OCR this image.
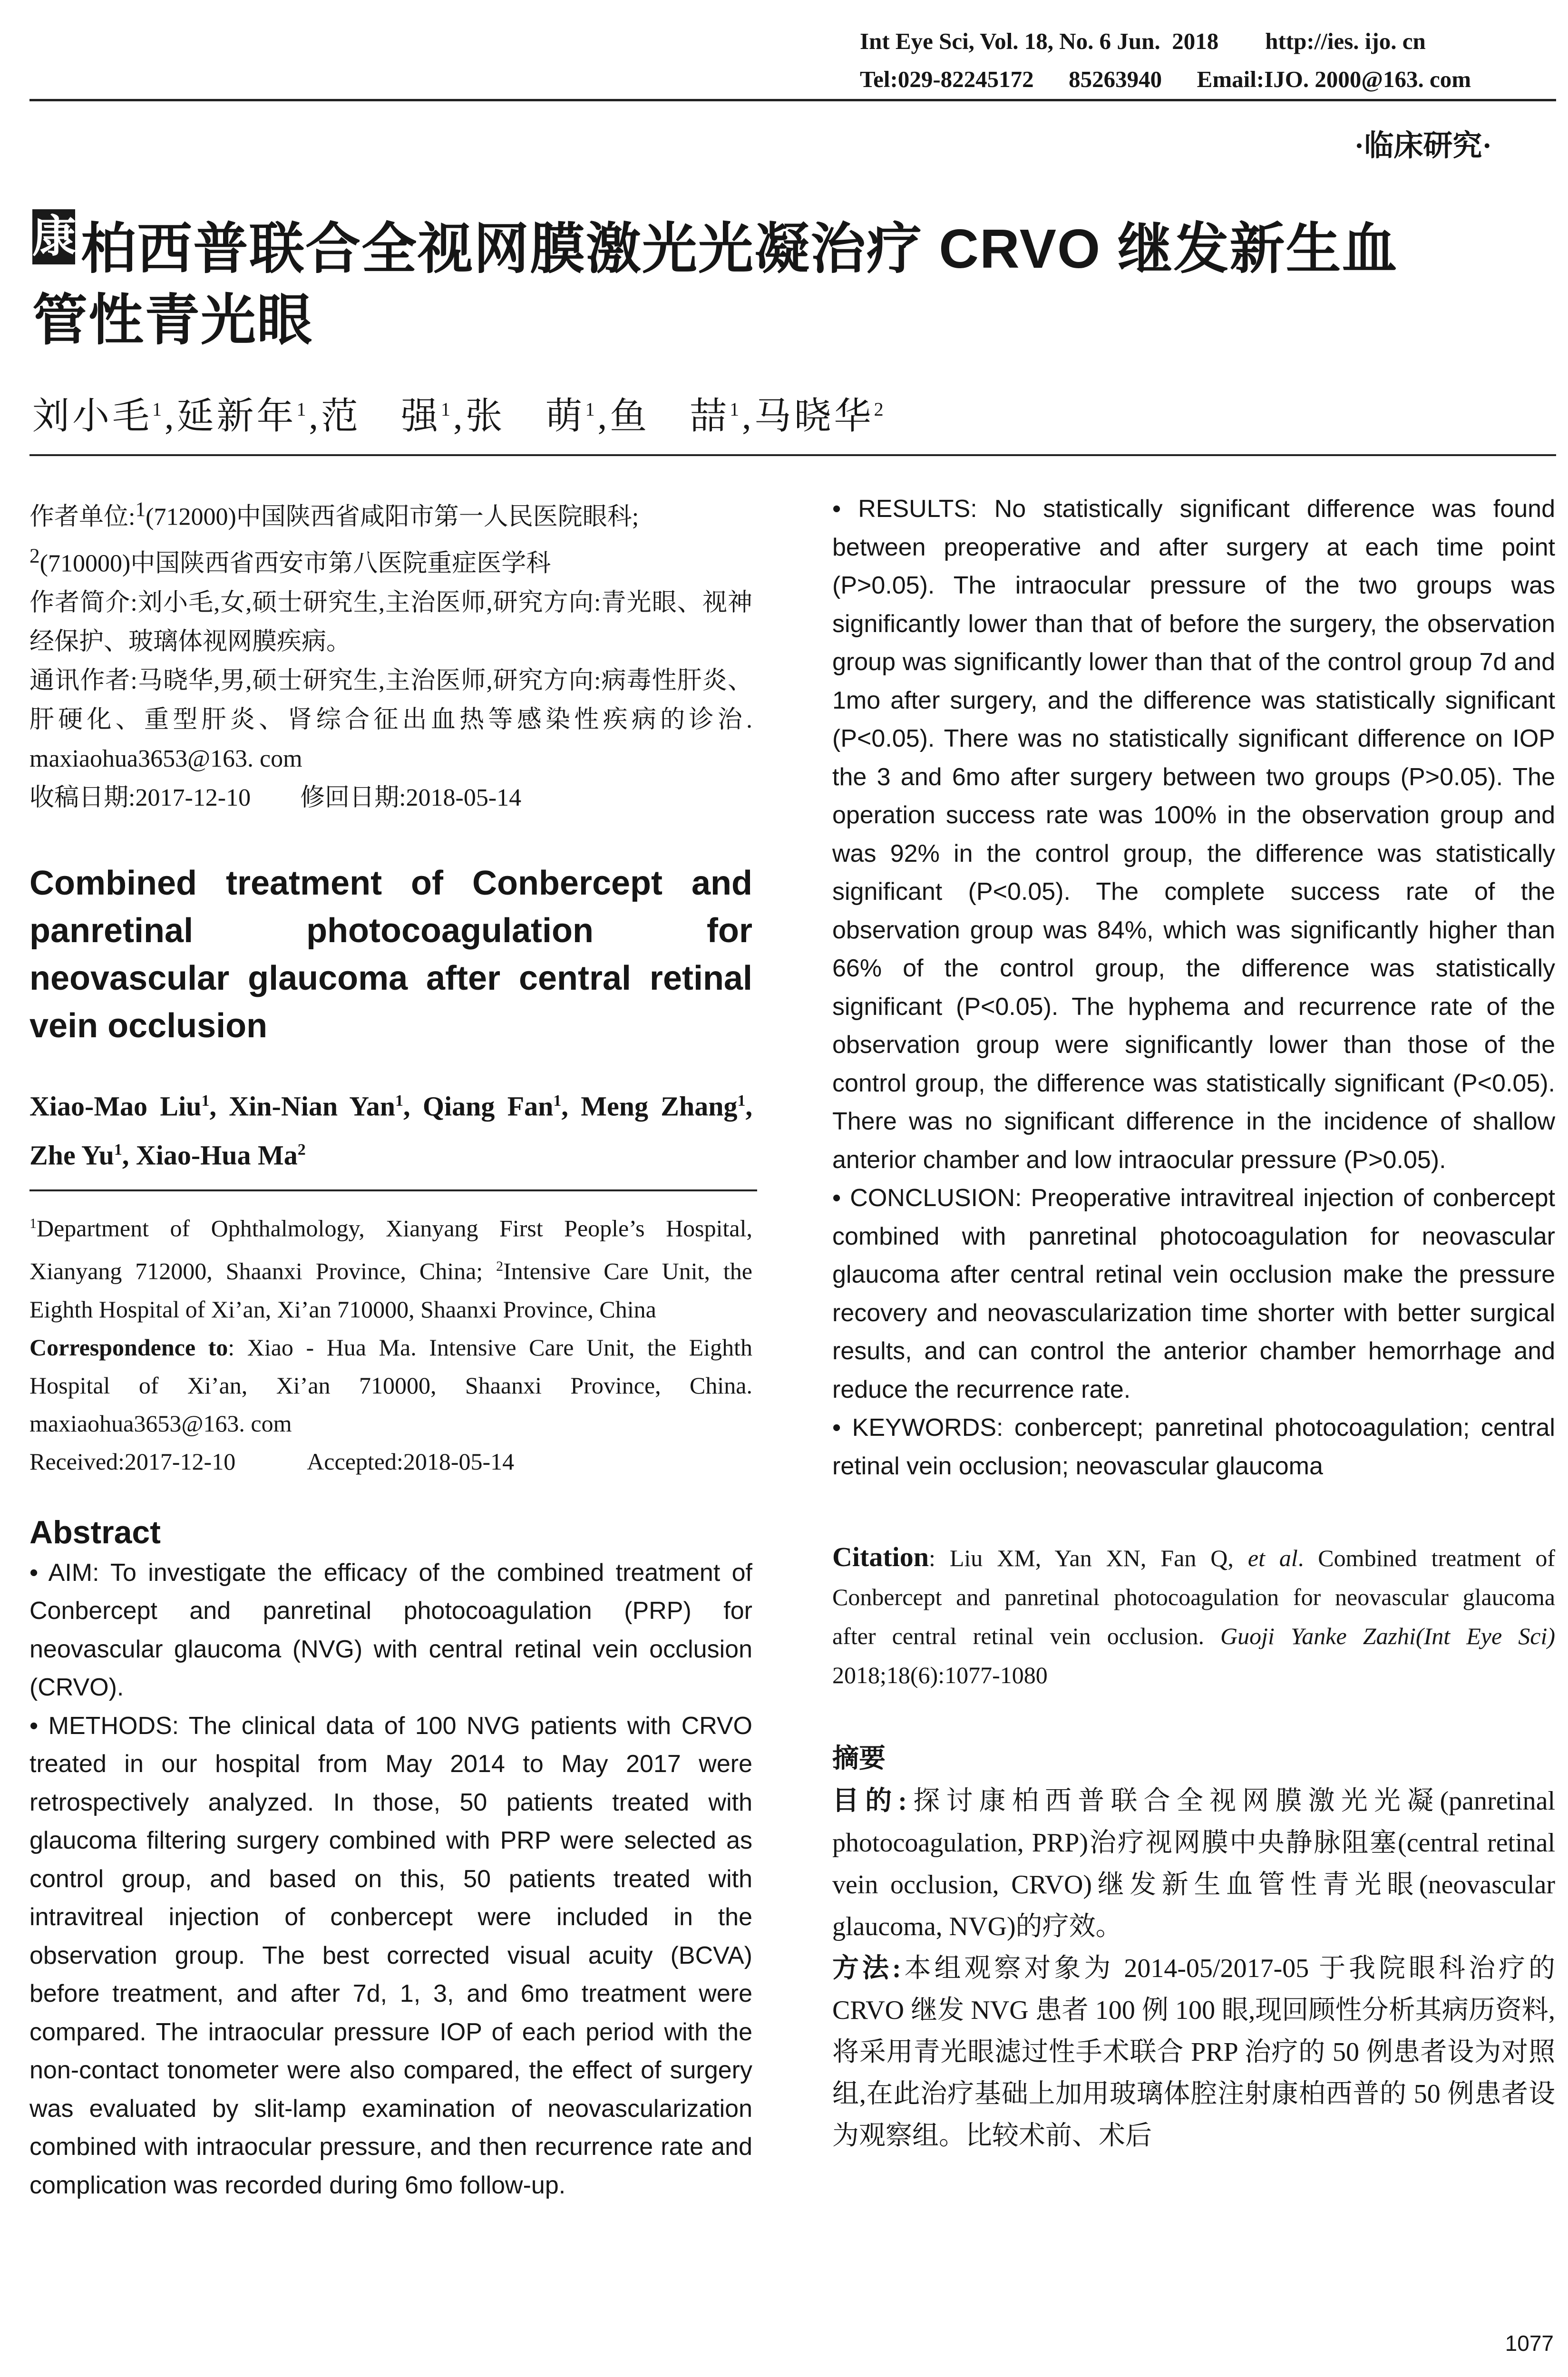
Int Eye Sci, Vol. 18, No. 6 Jun.  2018        http://ies. ijo. cn
Tel:029-82245172      85263940      Email:IJO. 2000@163. com
·临床研究·
康 柏西普联合全视网膜激光光凝治疗 CRVO 继发新生血
管性青光眼
刘小毛$^1$,延新年$^1$,范　强$^1$,张　萌$^1$,鱼　喆$^1$,马晓华$^2$

作者单位:$^1$(712000)中国陕西省咸阳市第一人民医院眼科;
$^2$(710000)中国陕西省西安市第八医院重症医学科

作者简介:刘小毛,女,硕士研究生,主治医师,研究方向:青光眼、视神经保护、玻璃体视网膜疾病。

通讯作者:马晓华,男,硕士研究生,主治医师,研究方向:病毒性肝炎、肝硬化、重型肝炎、肾综合征出血热等感染性疾病的诊治. maxiaohua3653@163. com

收稿日期:2017-12-10　　修回日期:2018-05-14

Combined treatment of Conbercept and panretinal photocoagulation for neovascular glaucoma after central retinal vein occlusion

Xiao-Mao Liu$^1$, Xin-Nian Yan$^1$, Qiang Fan$^1$, Meng Zhang$^1$, Zhe Yu$^1$, Xiao-Hua Ma$^2$

$^1$Department of Ophthalmology, Xianyang First People’s Hospital, Xianyang 712000, Shaanxi Province, China; $^2$Intensive Care Unit, the Eighth Hospital of Xi’an, Xi’an 710000, Shaanxi Province, China

Correspondence to: Xiao - Hua Ma. Intensive Care Unit, the Eighth Hospital of Xi’an, Xi’an 710000, Shaanxi Province, China. maxiaohua3653@163. com

Received:2017-12-10　　　Accepted:2018-05-14

Abstract

• AIM: To investigate the efficacy of the combined treatment of Conbercept and panretinal photocoagulation (PRP) for neovascular glaucoma (NVG) with central retinal vein occlusion (CRVO).

• METHODS: The clinical data of 100 NVG patients with CRVO treated in our hospital from May 2014 to May 2017 were retrospectively analyzed. In those, 50 patients treated with glaucoma filtering surgery combined with PRP were selected as control group, and based on this, 50 patients treated with intravitreal injection of conbercept were included in the observation group. The best corrected visual acuity (BCVA) before treatment, and after 7d, 1, 3, and 6mo treatment were compared. The intraocular pressure IOP of each period with the non-contact tonometer were also compared, the effect of surgery was evaluated by slit-lamp examination of neovascularization combined with intraocular pressure, and then recurrence rate and complication was recorded during 6mo follow-up.

• RESULTS: No statistically significant difference was found between preoperative and after surgery at each time point (P>0.05). The intraocular pressure of the two groups was significantly lower than that of before the surgery, the observation group was significantly lower than that of the control group 7d and 1mo after surgery, and the difference was statistically significant (P<0.05). There was no statistically significant difference on IOP the 3 and 6mo after surgery between two groups (P>0.05). The operation success rate was 100% in the observation group and was 92% in the control group, the difference was statistically significant (P<0.05). The complete success rate of the observation group was 84%, which was significantly higher than 66% of the control group, the difference was statistically significant (P<0.05). The hyphema and recurrence rate of the observation group were significantly lower than those of the control group, the difference was statistically significant (P<0.05). There was no significant difference in the incidence of shallow anterior chamber and low intraocular pressure (P>0.05).

• CONCLUSION: Preoperative intravitreal injection of conbercept combined with panretinal photocoagulation for neovascular glaucoma after central retinal vein occlusion make the pressure recovery and neovascularization time shorter with better surgical results, and can control the anterior chamber hemorrhage and reduce the recurrence rate.

• KEYWORDS: conbercept; panretinal photocoagulation; central retinal vein occlusion; neovascular glaucoma

Citation: Liu XM, Yan XN, Fan Q, et al. Combined treatment of Conbercept and panretinal photocoagulation for neovascular glaucoma after central retinal vein occlusion. Guoji Yanke Zazhi(Int Eye Sci) 2018;18(6):1077-1080

摘要

目的:探讨康柏西普联合全视网膜激光光凝(panretinal photocoagulation, PRP)治疗视网膜中央静脉阻塞(central retinal vein occlusion, CRVO)继发新生血管性青光眼(neovascular glaucoma, NVG)的疗效。

方法:本组观察对象为 2014-05/2017-05 于我院眼科治疗的 CRVO 继发 NVG 患者 100 例 100 眼,现回顾性分析其病历资料,将采用青光眼滤过性手术联合 PRP 治疗的 50 例患者设为对照组,在此治疗基础上加用玻璃体腔注射康柏西普的 50 例患者设为观察组。比较术前、术后

1077
